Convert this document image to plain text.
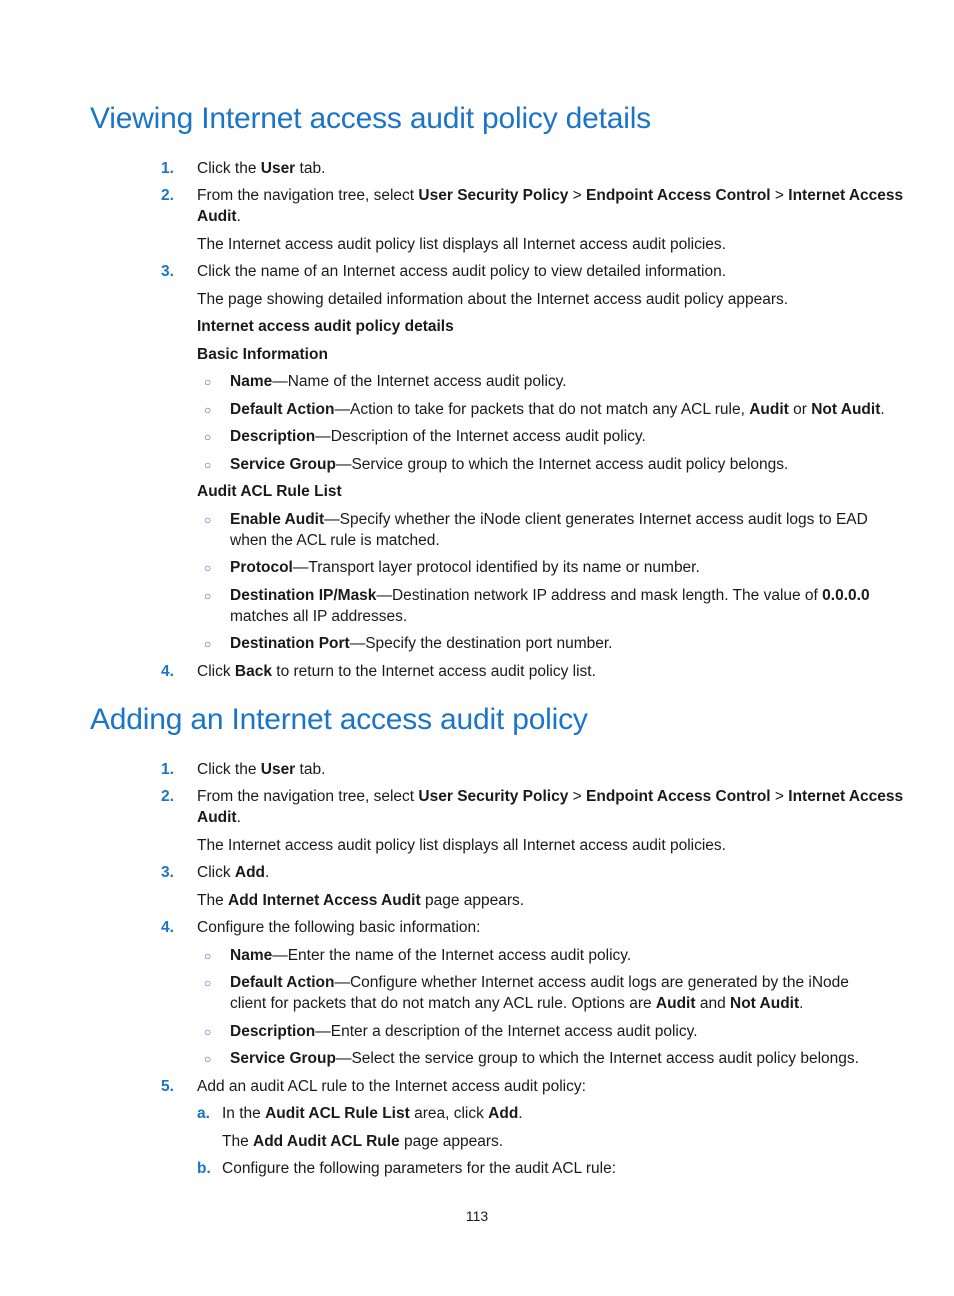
Viewing Internet access audit policy details
1. Click the User tab.
2. From the navigation tree, select User Security Policy > Endpoint Access Control > Internet Access
Audit.
The Internet access audit policy list displays all Internet access audit policies.
3. Click the name of an Internet access audit policy to view detailed information.
The page showing detailed information about the Internet access audit policy appears.
Internet access audit policy details
Basic Information
○ Name—Name of the Internet access audit policy.
○ Default Action—Action to take for packets that do not match any ACL rule, Audit or Not Audit.
○ Description—Description of the Internet access audit policy.
○ Service Group—Service group to which the Internet access audit policy belongs.
Audit ACL Rule List
○ Enable Audit—Specify whether the iNode client generates Internet access audit logs to EAD
when the ACL rule is matched.
○ Protocol—Transport layer protocol identified by its name or number.
○ Destination IP/Mask—Destination network IP address and mask length. The value of 0.0.0.0
matches all IP addresses.
○ Destination Port—Specify the destination port number.
4. Click Back to return to the Internet access audit policy list.
Adding an Internet access audit policy
1. Click the User tab.
2. From the navigation tree, select User Security Policy > Endpoint Access Control > Internet Access
Audit.
The Internet access audit policy list displays all Internet access audit policies.
3. Click Add.
The Add Internet Access Audit page appears.
4. Configure the following basic information:
○ Name—Enter the name of the Internet access audit policy.
○ Default Action—Configure whether Internet access audit logs are generated by the iNode
client for packets that do not match any ACL rule. Options are Audit and Not Audit.
○ Description—Enter a description of the Internet access audit policy.
○ Service Group—Select the service group to which the Internet access audit policy belongs.
5. Add an audit ACL rule to the Internet access audit policy:
a. In the Audit ACL Rule List area, click Add.
The Add Audit ACL Rule page appears.
b. Configure the following parameters for the audit ACL rule:
113
